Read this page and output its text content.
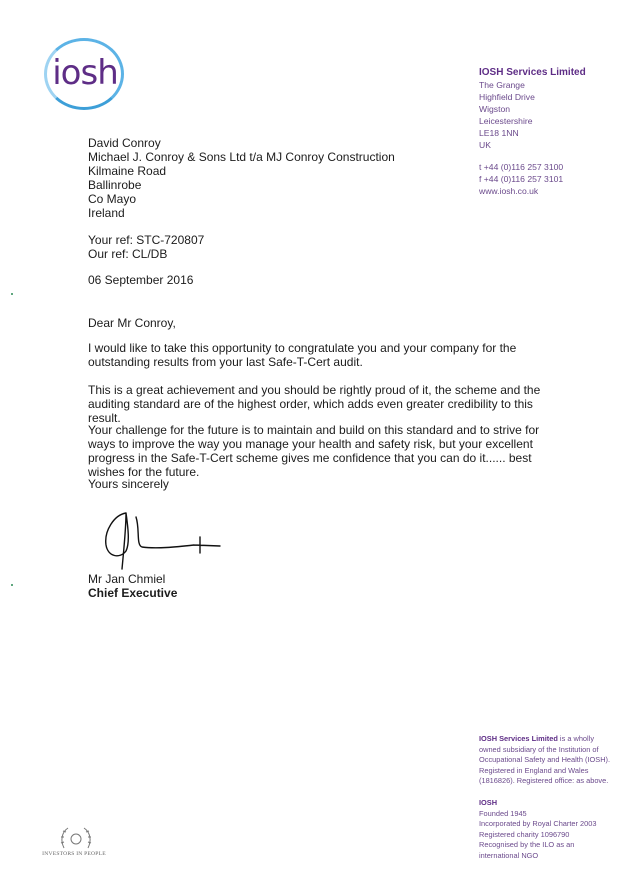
iosh	IOSH Services Limited
The Grange
Highfield Drive
Wigston
Leicestershire
LE18 1NN
UK
t +44 (0)116 257 3100
f +44 (0)116 257 3101
www.iosh.co.uk
David Conroy
Michael J. Conroy & Sons Ltd t/a MJ Conroy Construction
Kilmaine Road
Ballinrobe
Co Mayo
Ireland
Your ref: STC-720807
Our ref: CL/DB
06 September 2016
Dear Mr Conroy,
I would like to take this opportunity to congratulate you and your company for the outstanding results from your last Safe-T-Cert audit.
This is a great achievement and you should be rightly proud of it, the scheme and the auditing standard are of the highest order, which adds even greater credibility to this result.
Your challenge for the future is to maintain and build on this standard and to strive for ways to improve the way you manage your health and safety risk, but your excellent progress in the Safe-T-Cert scheme gives me confidence that you can do it...... best wishes for the future.
Yours sincerely
Mr Jan Chmiel
Chief Executive
IOSH Services Limited is a wholly owned subsidiary of the Institution of Occupational Safety and Health (IOSH). Registered in England and Wales (1816826). Registered office: as above.
IOSH
Founded 1945
Incorporated by Royal Charter 2003
Registered charity 1096790
Recognised by the ILO as an
international NGO
INVESTORS IN PEOPLE
